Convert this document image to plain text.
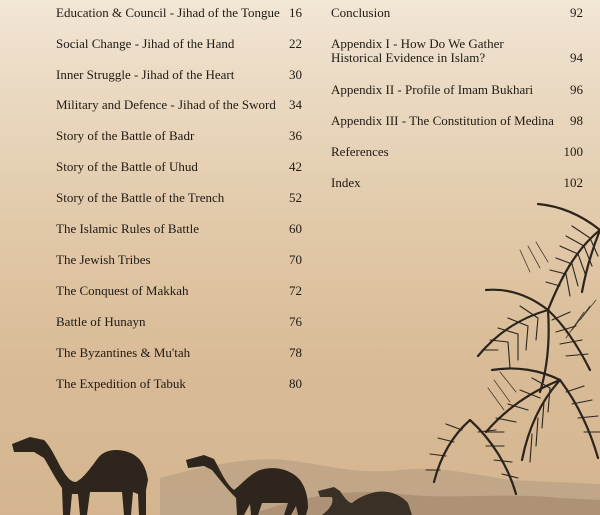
Education & Council - Jihad of the Tongue 16
Social Change - Jihad of the Hand	22
Inner Struggle - Jihad of the Heart	30
Military and Defence - Jihad of the Sword	34
Story of the Battle of Badr	36
Story of the Battle of Uhud	42
Story of the Battle of the Trench	52
The Islamic Rules of Battle	60
The Jewish Tribes	70
The Conquest of Makkah	72
Battle of Hunayn	76
The Byzantines & Mu'tah	78
The Expedition of Tabuk	80
Conclusion	92
Appendix I - How Do We Gather
Historical Evidence in Islam?	94
Appendix II - Profile of Imam Bukhari	96
Appendix III - The Constitution of Medina	98
References	100
Index	102
